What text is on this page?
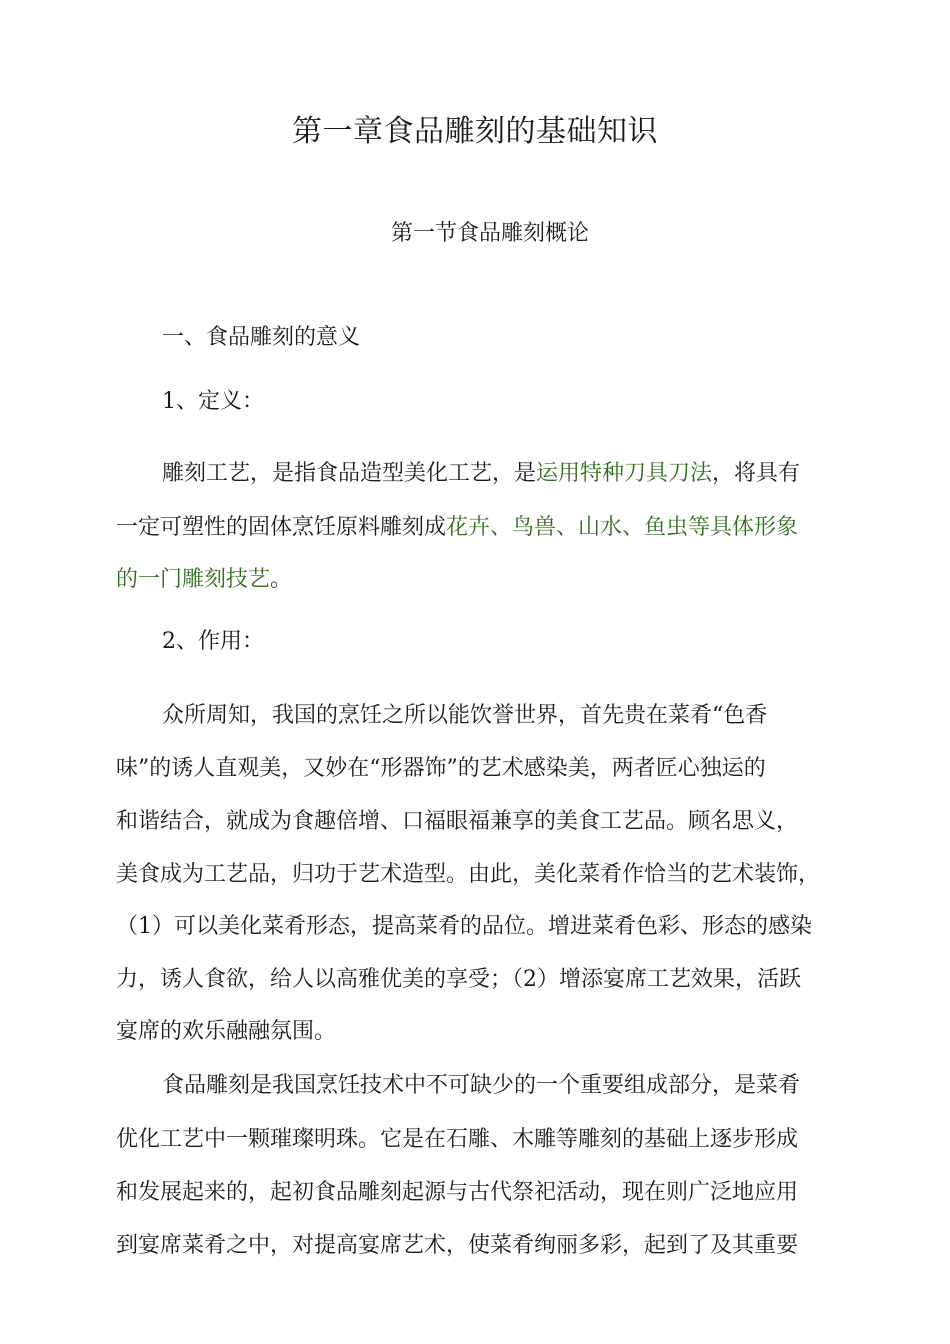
第一章食品雕刻的基础知识
第一节食品雕刻概论
一、食品雕刻的意义
1、定义：
雕刻工艺，是指食品造型美化工艺，是运用特种刀具刀法，将具有
一定可塑性的固体烹饪原料雕刻成花卉、鸟兽、山水、鱼虫等具体形象
的一门雕刻技艺。
2、作用：
众所周知，我国的烹饪之所以能饮誉世界，首先贵在菜肴“色香
味”的诱人直观美，又妙在“形器饰”的艺术感染美，两者匠心独运的
和谐结合，就成为食趣倍增、口福眼福兼享的美食工艺品。顾名思义，
美食成为工艺品，归功于艺术造型。由此，美化菜肴作恰当的艺术装饰，
（1）可以美化菜肴形态，提高菜肴的品位。增进菜肴色彩、形态的感染
力，诱人食欲，给人以高雅优美的享受；（2）增添宴席工艺效果，活跃
宴席的欢乐融融氛围。
食品雕刻是我国烹饪技术中不可缺少的一个重要组成部分，是菜肴
优化工艺中一颗璀璨明珠。它是在石雕、木雕等雕刻的基础上逐步形成
和发展起来的，起初食品雕刻起源与古代祭祀活动，现在则广泛地应用
到宴席菜肴之中，对提高宴席艺术，使菜肴绚丽多彩，起到了及其重要
